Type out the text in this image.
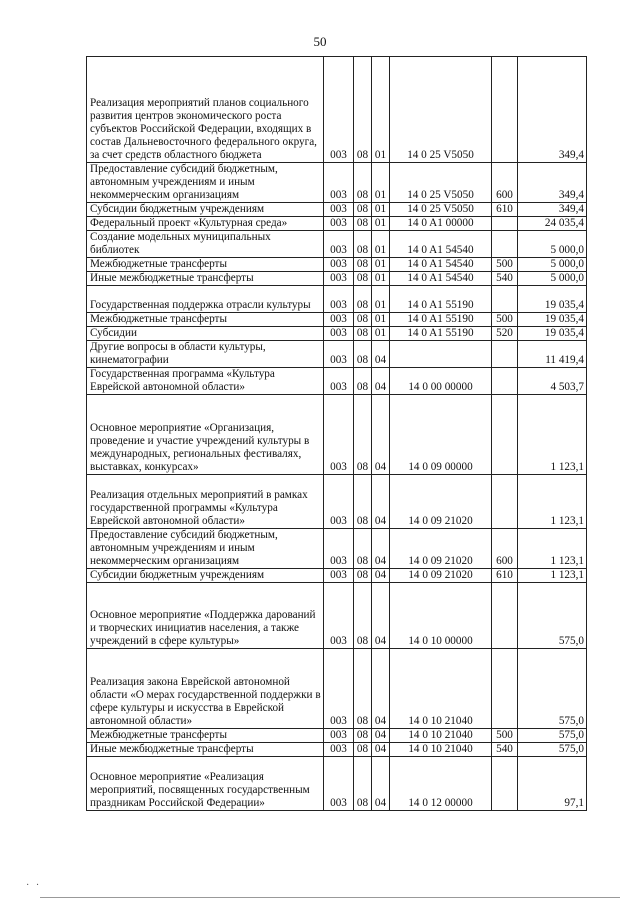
50
Реализация мероприятий планов социального развития центров экономического роста субъектов Российской Федерации, входящих в состав Дальневосточного федерального округа, за счет средств областного бюджета	003	08	01	14 0 25 V5050		349,4
Предоставление субсидий бюджетным, автономным учреждениям и иным некоммерческим организациям	003	08	01	14 0 25 V5050	600	349,4
Субсидии бюджетным учреждениям	003	08	01	14 0 25 V5050	610	349,4
Федеральный проект «Культурная среда»	003	08	01	14 0 A1 00000		24 035,4
Создание модельных муниципальных библиотек	003	08	01	14 0 A1 54540		5 000,0
Межбюджетные трансферты	003	08	01	14 0 A1 54540	500	5 000,0
Иные межбюджетные трансферты	003	08	01	14 0 A1 54540	540	5 000,0
Государственная поддержка отрасли культуры	003	08	01	14 0 A1 55190		19 035,4
Межбюджетные трансферты	003	08	01	14 0 A1 55190	500	19 035,4
Субсидии	003	08	01	14 0 A1 55190	520	19 035,4
Другие вопросы в области культуры, кинематографии	003	08	04			11 419,4
Государственная программа «Культура Еврейской автономной области»	003	08	04	14 0 00 00000		4 503,7
Основное мероприятие «Организация, проведение и участие учреждений культуры в международных, региональных фестивалях, выставках, конкурсах»	003	08	04	14 0 09 00000		1 123,1
Реализация отдельных мероприятий в рамках государственной программы «Культура Еврейской автономной области»	003	08	04	14 0 09 21020		1 123,1
Предоставление субсидий бюджетным, автономным учреждениям и иным некоммерческим организациям	003	08	04	14 0 09 21020	600	1 123,1
Субсидии бюджетным учреждениям	003	08	04	14 0 09 21020	610	1 123,1
Основное мероприятие «Поддержка дарований и творческих инициатив населения, а также учреждений в сфере культуры»	003	08	04	14 0 10 00000		575,0
Реализация закона Еврейской автономной области «О мерах государственной поддержки в сфере культуры и искусства в Еврейской автономной области»	003	08	04	14 0 10 21040		575,0
Межбюджетные трансферты	003	08	04	14 0 10 21040	500	575,0
Иные межбюджетные трансферты	003	08	04	14 0 10 21040	540	575,0
Основное мероприятие «Реализация мероприятий, посвященных государственным праздникам Российской Федерации»	003	08	04	14 0 12 00000		97,1
· ·
